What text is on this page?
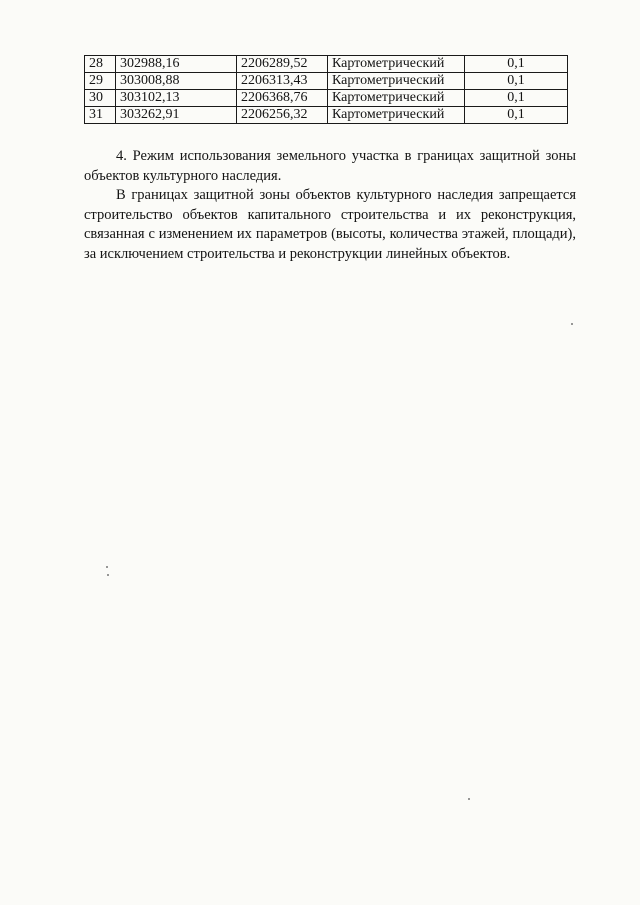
28	302988,16	2206289,52	Картометрический	0,1
29	303008,88	2206313,43	Картометрический	0,1
30	303102,13	2206368,76	Картометрический	0,1
31	303262,91	2206256,32	Картометрический	0,1

4. Режим использования земельного участка в границах защитной зоны объектов культурного наследия.

В границах защитной зоны объектов культурного наследия запрещается строительство объектов капитального строительства и их реконструкция, связанная с изменением их параметров (высоты, количества этажей, площади), за исключением строительства и реконструкции линейных объектов.
